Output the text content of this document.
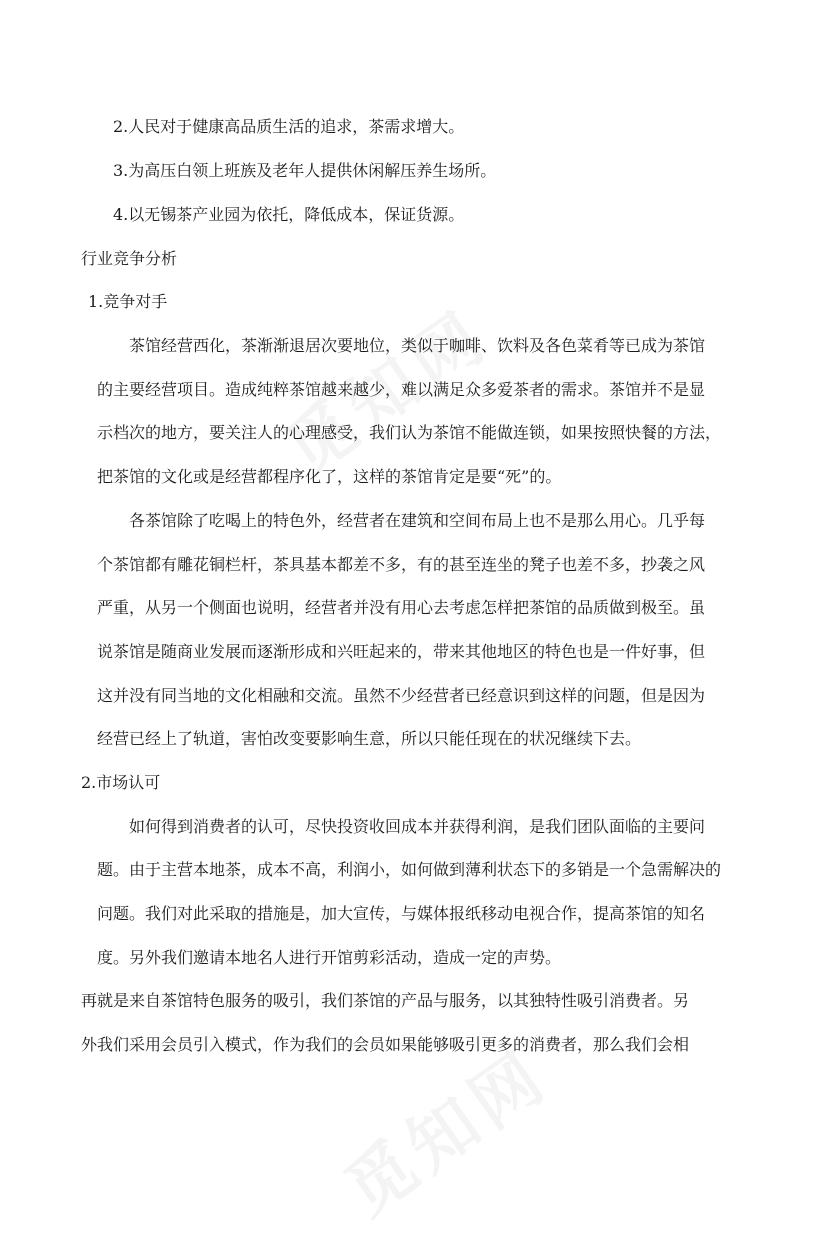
2.人民对于健康高品质生活的追求，茶需求增大。
3.为高压白领上班族及老年人提供休闲解压养生场所。
4.以无锡茶产业园为依托，降低成本，保证货源。
行业竞争分析
1.竞争对手
茶馆经营西化，茶渐渐退居次要地位，类似于咖啡、饮料及各色菜肴等已成为茶馆
的主要经营项目。造成纯粹茶馆越来越少，难以满足众多爱茶者的需求。茶馆并不是显
示档次的地方，要关注人的心理感受，我们认为茶馆不能做连锁，如果按照快餐的方法，
把茶馆的文化或是经营都程序化了，这样的茶馆肯定是要“死”的。
各茶馆除了吃喝上的特色外，经营者在建筑和空间布局上也不是那么用心。几乎每
个茶馆都有雕花铜栏杆，茶具基本都差不多，有的甚至连坐的凳子也差不多，抄袭之风
严重，从另一个侧面也说明，经营者并没有用心去考虑怎样把茶馆的品质做到极至。虽
说茶馆是随商业发展而逐渐形成和兴旺起来的，带来其他地区的特色也是一件好事，但
这并没有同当地的文化相融和交流。虽然不少经营者已经意识到这样的问题，但是因为
经营已经上了轨道，害怕改变要影响生意，所以只能任现在的状况继续下去。
2.市场认可
如何得到消费者的认可，尽快投资收回成本并获得利润，是我们团队面临的主要问
题。由于主营本地茶，成本不高，利润小，如何做到薄利状态下的多销是一个急需解决的
问题。我们对此采取的措施是，加大宣传，与媒体报纸移动电视合作，提高茶馆的知名
度。另外我们邀请本地名人进行开馆剪彩活动，造成一定的声势。
再就是来自茶馆特色服务的吸引，我们茶馆的产品与服务，以其独特性吸引消费者。另
外我们采用会员引入模式，作为我们的会员如果能够吸引更多的消费者，那么我们会相
